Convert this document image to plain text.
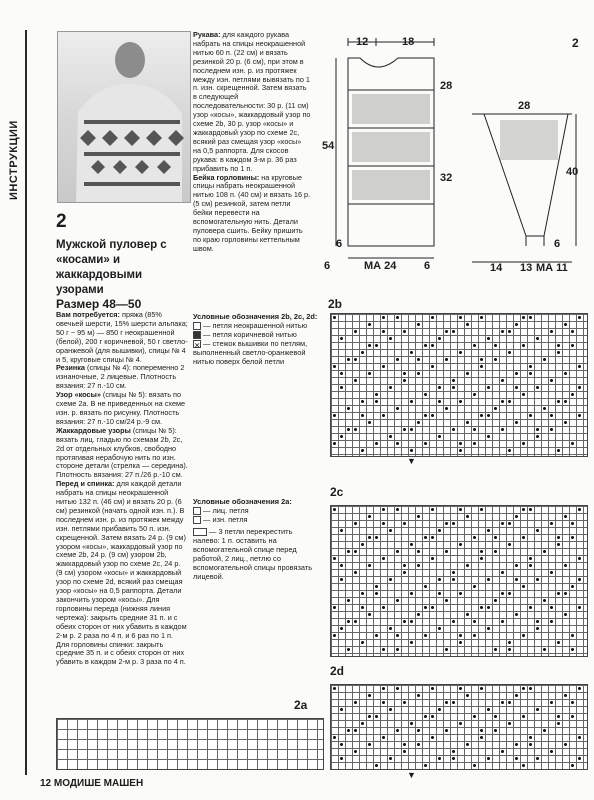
ИНСТРУКЦИИ
2
Мужской пуловер с «косами» и жаккардовыми узорами
Размер 48—50
Вам потребуется: пряжа (85% овечьей шерсти, 15% шерсти альпака; 50 г ~ 95 м) — 850 г неокрашенной (белой), 200 г коричневой, 50 г светло-оранжевой (для вышивки), спицы № 4 и 5, круговые спицы № 4.
Резинка (спицы № 4): попеременно 2 изнаночные, 2 лицевые. Плотность вязания: 27 п.-10 см.
Узор «косы» (спицы № 5): вязать по схеме 2а. В не приведенных на схеме изн. р. вязать по рисунку. Плотность вязания: 27 п.-10 см/24 р.-9 см.
Жаккардовые узоры (спицы № 5): вязать лиц. гладью по схемам 2b, 2c, 2d от отдельных клубков, свободно протягивая нерабочую нить по изн. стороне детали (стрелка — середина). Плотность вязания: 27 п./26 р.-10 см.
Перед и спинка: для каждой детали набрать на спицы неокрашенной нитью 132 п. (46 см) и вязать 20 р. (6 см) резинкой (начать одной изн. п.). В последнем изн. р. из протяжек между изн. петлями прибавить 50 п. изн. скрещенной. Затем вязать 24 р. (9 см) узором «косы», жаккардовый узор по схеме 2b, 24 р. (9 см) узором 2b, жаккардовый узор по схеме 2c, 24 р. (9 см) узором «косы» и жаккардовый узор по схеме 2d, всякий раз смещая узор «косы» на 0,5 раппорта. Детали закончить узором «косы». Для горловины переда (нижняя линия чертежа): закрыть средние 31 п. и с обеих сторон от них убавить в каждом 2-м р. 2 раза по 4 п. и 6 раз по 1 п. Для горловины спинки: закрыть средние 35 п. и с обеих сторон от них убавить в каждом 2-м р. 3 раза по 4 п.
Рукава: для каждого рукава набрать на спицы неокрашенной нитью 60 п. (22 см) и вязать резинкой 20 р. (6 см), при этом в последнем изн. р. из протяжек между изн. петлями вывязать по 1 п. изн. скрещенной. Затем вязать в следующей последовательности: 30 р. (11 см) узор «косы», жаккардовый узор по схеме 2b, 30 р. узор «косы» и жаккардовый узор по схеме 2c, всякий раз смещая узор «косы» на 0,5 раппорта. Для скосов рукава: в каждом 3-м р. 36 раз прибавить по 1 п.
Бейка горловины: на круговые спицы набрать неокрашенной нитью 108 п. (40 см) и вязать 16 р. (5 см) резинкой, затем петли бейки перевести на вспомогательную нить. Детали пуловера сшить. Бейку пришить по краю горловины кеттельным швом.
2
12	18
28
54
32
6
6	МА 24	6
28
40
6
14 13 МА 11
Условные обозначения 2b, 2c, 2d:
— петля неокрашенной нитью
— петля коричневой нитью
✕ — стежок вышивки по петлям, выполненный светло-оранжевой нитью поверх белой петли
Условные обозначения 2а:
— лиц. петля
— изн. петля
— 3 петли перекрестить налево: 1 п. оставить на вспомогательной спице перед работой, 2 лиц., петлю со вспомогательной спицы провязать лицевой.
2a
2b
2c
2d
▼
▼
12 МОДИШЕ МАШЕН
